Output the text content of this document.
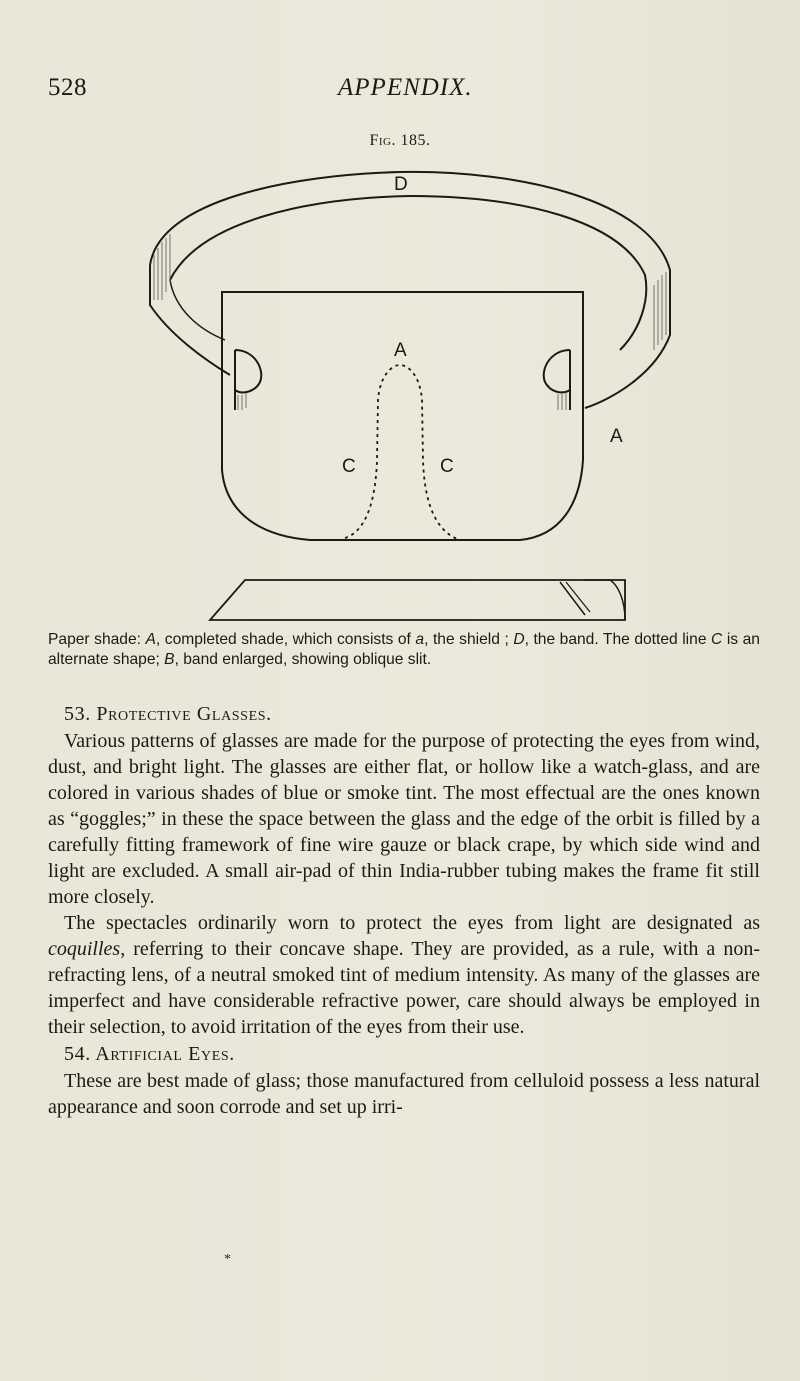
528	APPENDIX.
Fig. 185.
D
A
A
C	C
Paper shade: A, completed shade, which consists of a, the shield ; D, the band. The dotted line C is an alternate shape; B, band enlarged, showing oblique slit.
53. Protective Glasses.

Various patterns of glasses are made for the purpose of protecting the eyes from wind, dust, and bright light. The glasses are either flat, or hollow like a watch-glass, and are colored in various shades of blue or smoke tint. The most effectual are the ones known as “goggles;” in these the space between the glass and the edge of the orbit is filled by a carefully fitting framework of fine wire gauze or black crape, by which side wind and light are excluded. A small air-pad of thin India-rubber tubing makes the frame fit still more closely.

The spectacles ordinarily worn to protect the eyes from light are designated as coquilles, referring to their concave shape. They are provided, as a rule, with a non-refracting lens, of a neutral smoked tint of medium intensity. As many of the glasses are imperfect and have considerable refractive power, care should always be employed in their selection, to avoid irritation of the eyes from their use.

54. Artificial Eyes.

These are best made of glass; those manufactured from celluloid possess a less natural appearance and soon corrode and set up irri-

*
